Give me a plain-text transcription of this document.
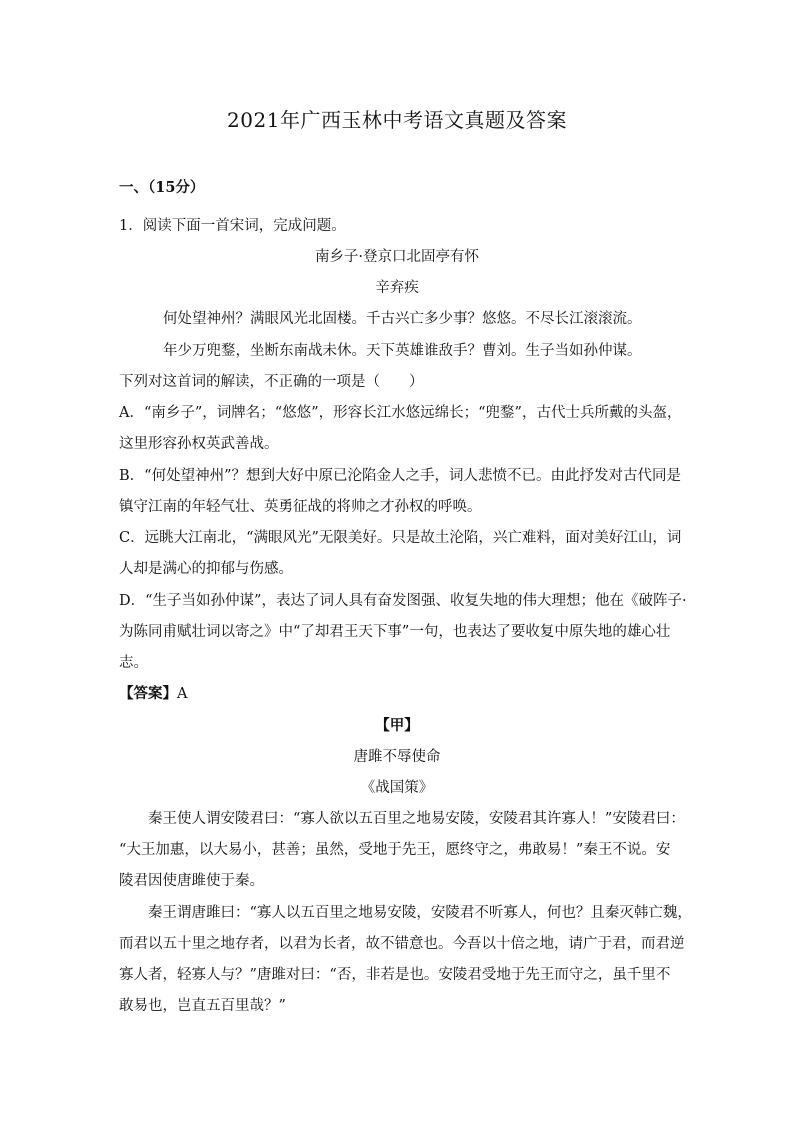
2021年广西玉林中考语文真题及答案
一、（15分）
1．阅读下面一首宋词，完成问题。
南乡子·登京口北固亭有怀
辛弃疾
何处望神州？满眼风光北固楼。千古兴亡多少事？悠悠。不尽长江滚滚流。
年少万兜鍪，坐断东南战未休。天下英雄谁敌手？曹刘。生子当如孙仲谋。
下列对这首词的解读，不正确的一项是（　　）
A．“南乡子”，词牌名；“悠悠”，形容长江水悠远绵长；“兜鍪”，古代士兵所戴的头盔，
这里形容孙权英武善战。
B．“何处望神州”？想到大好中原已沦陷金人之手，词人悲愤不已。由此抒发对古代同是
镇守江南的年轻气壮、英勇征战的将帅之才孙权的呼唤。
C．远眺大江南北，“满眼风光”无限美好。只是故土沦陷，兴亡难料，面对美好江山，词
人却是满心的抑郁与伤感。
D．“生子当如孙仲谋”，表达了词人具有奋发图强、收复失地的伟大理想；他在《破阵子·
为陈同甫赋壮词以寄之》中“了却君王天下事”一句，也表达了要收复中原失地的雄心壮
志。
【答案】A
【甲】
唐雎不辱使命
《战国策》
秦王使人谓安陵君曰：“寡人欲以五百里之地易安陵，安陵君其许寡人！”安陵君曰：
“大王加惠，以大易小，甚善；虽然，受地于先王，愿终守之，弗敢易！”秦王不说。安
陵君因使唐雎使于秦。
秦王谓唐雎曰：“寡人以五百里之地易安陵，安陵君不听寡人，何也？且秦灭韩亡魏，
而君以五十里之地存者，以君为长者，故不错意也。今吾以十倍之地，请广于君，而君逆
寡人者，轻寡人与？”唐雎对曰：“否，非若是也。安陵君受地于先王而守之，虽千里不
敢易也，岂直五百里哉？”
